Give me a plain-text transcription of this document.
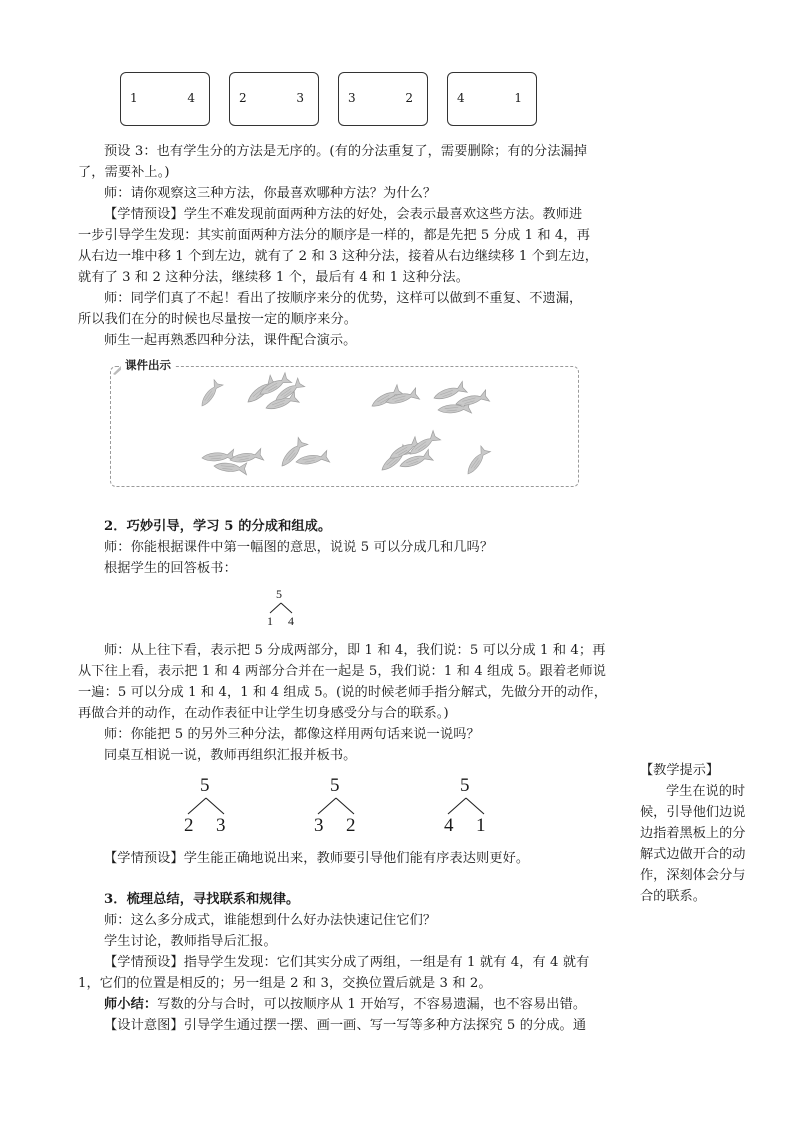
1	4	2	3	3	2	4	1
预设 3：也有学生分的方法是无序的。(有的分法重复了，需要删除；有的分法漏掉
了，需要补上。)
师：请你观察这三种方法，你最喜欢哪种方法？为什么？
【学情预设】学生不难发现前面两种方法的好处，会表示最喜欢这些方法。教师进
一步引导学生发现：其实前面两种方法分的顺序是一样的，都是先把 5 分成 1 和 4，再
从右边一堆中移 1 个到左边，就有了 2 和 3 这种分法，接着从右边继续移 1 个到左边，
就有了 3 和 2 这种分法，继续移 1 个，最后有 4 和 1 这种分法。
师：同学们真了不起！看出了按顺序来分的优势，这样可以做到不重复、不遗漏，
所以我们在分的时候也尽量按一定的顺序来分。
师生一起再熟悉四种分法，课件配合演示。
课件出示
2．巧妙引导，学习 5 的分成和组成。
师：你能根据课件中第一幅图的意思，说说 5 可以分成几和几吗？
根据学生的回答板书：
5
1 4
师：从上往下看，表示把 5 分成两部分，即 1 和 4，我们说：5 可以分成 1 和 4；再
从下往上看，表示把 1 和 4 两部分合并在一起是 5，我们说：1 和 4 组成 5。跟着老师说
一遍：5 可以分成 1 和 4，1 和 4 组成 5。(说的时候老师手指分解式，先做分开的动作，
再做合并的动作，在动作表征中让学生切身感受分与合的联系。)
师：你能把 5 的另外三种分法，都像这样用两句话来说一说吗？
同桌互相说一说，教师再组织汇报并板书。
5
2 3
5
3 2
5
4 1
【学情预设】学生能正确地说出来，教师要引导他们能有序表达则更好。
3．梳理总结，寻找联系和规律。
师：这么多分成式，谁能想到什么好办法快速记住它们？
学生讨论，教师指导后汇报。
【学情预设】指导学生发现：它们其实分成了两组，一组是有 1 就有 4，有 4 就有
1，它们的位置是相反的；另一组是 2 和 3，交换位置后就是 3 和 2。
师小结：写数的分与合时，可以按顺序从 1 开始写，不容易遗漏，也不容易出错。
【设计意图】引导学生通过摆一摆、画一画、写一写等多种方法探究 5 的分成。通
【教学提示】
学生在说的时
候，引导他们边说
边指着黑板上的分
解式边做开合的动
作，深刻体会分与
合的联系。
